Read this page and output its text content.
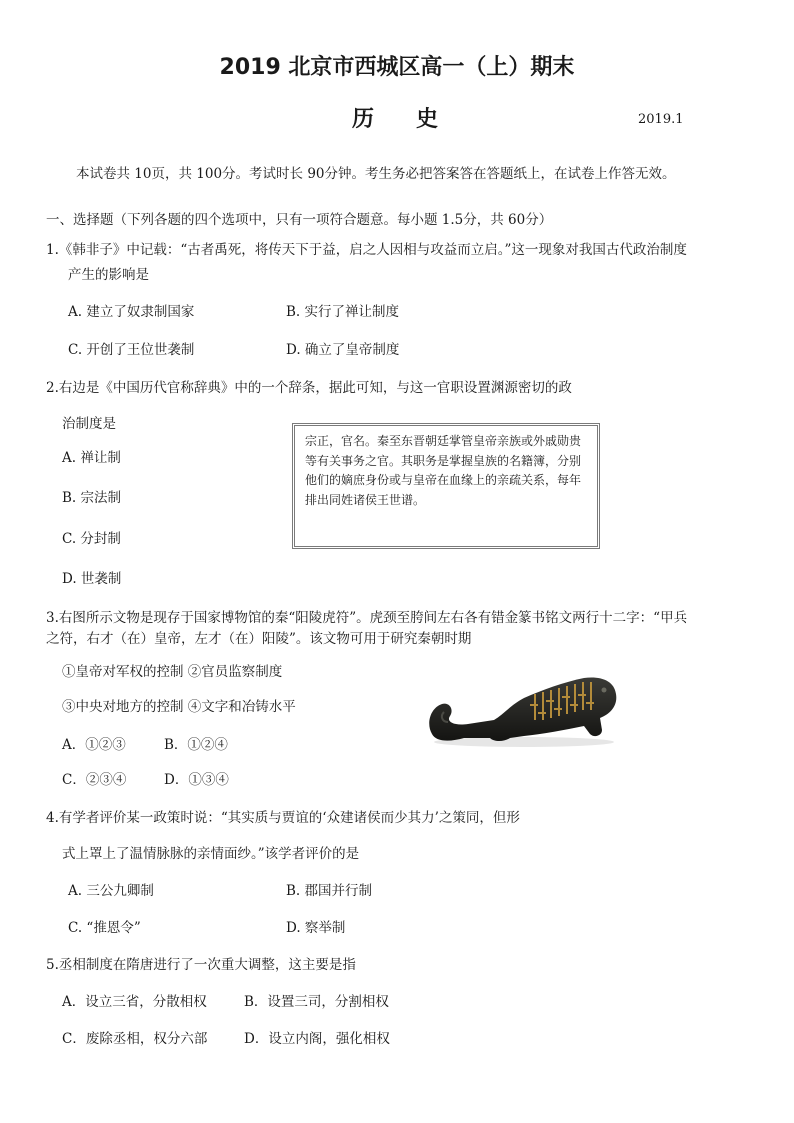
2019 北京市西城区高一（上）期末
历史	2019.1
本试卷共 10页，共 100分。考试时长 90分钟。考生务必把答案答在答题纸上，在试卷上作答无效。
一、选择题（下列各题的四个选项中，只有一项符合题意。每小题 1.5分，共 60分）
1.《韩非子》中记载：“古者禹死，将传天下于益，启之人因相与攻益而立启。”这一现象对我国古代政治制度
产生的影响是
A. 建立了奴隶制国家	B. 实行了禅让制度
C. 开创了王位世袭制	D. 确立了皇帝制度
2.右边是《中国历代官称辞典》中的一个辞条，据此可知，与这一官职设置渊源密切的政
治制度是
A. 禅让制
B. 宗法制
C. 分封制
D. 世袭制
宗正，官名。秦至东晋朝廷掌管皇帝亲族或外戚勋贵等有关事务之官。其职务是掌握皇族的名籍簿，分别他们的嫡庶身份或与皇帝在血缘上的亲疏关系，每年排出同姓诸侯王世谱。
3.右图所示文物是现存于国家博物馆的秦“阳陵虎符”。虎颈至胯间左右各有错金篆书铭文两行十二字：“甲兵
之符，右才（在）皇帝，左才（在）阳陵”。该文物可用于研究秦朝时期
①皇帝对军权的控制 ②官员监察制度
③中央对地方的控制 ④文字和冶铸水平
A．①②③	B．①②④
C．②③④	D．①③④
4.有学者评价某一政策时说：“其实质与贾谊的‘众建诸侯而少其力’之策同，但形
式上罩上了温情脉脉的亲情面纱。”该学者评价的是
A. 三公九卿制	B. 郡国并行制
C. “推恩令”	D. 察举制
5.丞相制度在隋唐进行了一次重大调整，这主要是指
A．设立三省，分散相权	B．设置三司，分割相权
C．废除丞相，权分六部	D．设立内阁，强化相权
